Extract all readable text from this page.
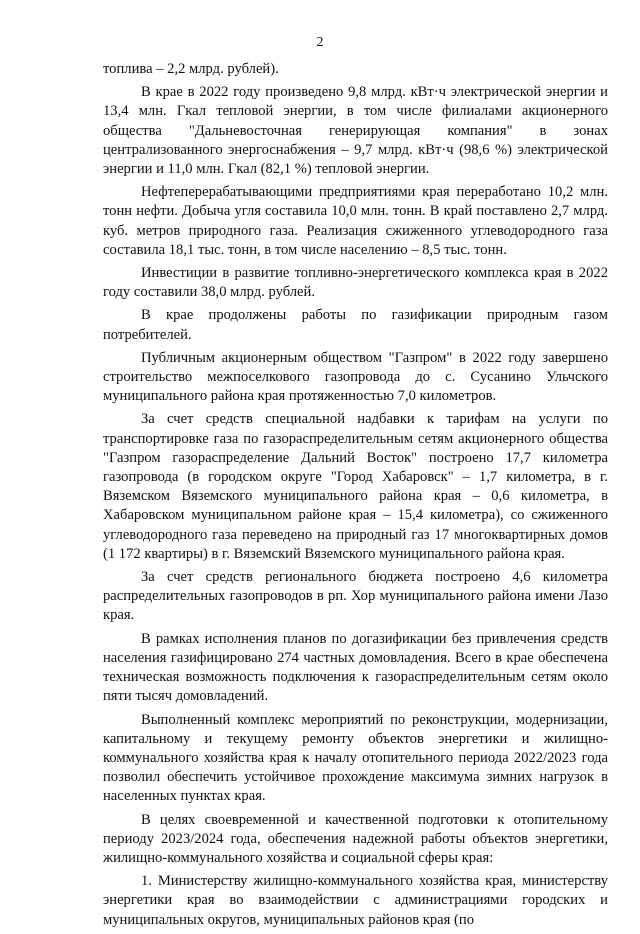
2

топлива – 2,2 млрд. рублей).

В крае в 2022 году произведено 9,8 млрд. кВт·ч электрической энергии и 13,4 млн. Гкал тепловой энергии, в том числе филиалами акционерного общества "Дальневосточная генерирующая компания" в зонах централизованного энергоснабжения – 9,7 млрд. кВт·ч (98,6 %) электрической энергии и 11,0 млн. Гкал (82,1 %) тепловой энергии.

Нефтеперерабатывающими предприятиями края переработано 10,2 млн. тонн нефти. Добыча угля составила 10,0 млн. тонн. В край поставлено 2,7 млрд. куб. метров природного газа. Реализация сжиженного углеводородного газа составила 18,1 тыс. тонн, в том числе населению – 8,5 тыс. тонн.

Инвестиции в развитие топливно-энергетического комплекса края в 2022 году составили 38,0 млрд. рублей.

В крае продолжены работы по газификации природным газом потребителей.

Публичным акционерным обществом "Газпром" в 2022 году завершено строительство межпоселкового газопровода до с. Сусанино Ульчского муниципального района края протяженностью 7,0 километров.

За счет средств специальной надбавки к тарифам на услуги по транспортировке газа по газораспределительным сетям акционерного общества "Газпром газораспределение Дальний Восток" построено 17,7 километра газопровода (в городском округе "Город Хабаровск" – 1,7 километра, в г. Вяземском Вяземского муниципального района края – 0,6 километра, в Хабаровском муниципальном районе края – 15,4 километра), со сжиженного углеводородного газа переведено на природный газ 17 многоквартирных домов (1 172 квартиры) в г. Вяземский Вяземского муниципального района края.

За счет средств регионального бюджета построено 4,6 километра распределительных газопроводов в рп. Хор муниципального района имени Лазо края.

В рамках исполнения планов по догазификации без привлечения средств населения газифицировано 274 частных домовладения. Всего в крае обеспечена техническая возможность подключения к газораспределительным сетям около пяти тысяч домовладений.

Выполненный комплекс мероприятий по реконструкции, модернизации, капитальному и текущему ремонту объектов энергетики и жилищно-коммунального хозяйства края к началу отопительного периода 2022/2023 года позволил обеспечить устойчивое прохождение максимума зимних нагрузок в населенных пунктах края.

В целях своевременной и качественной подготовки к отопительному периоду 2023/2024 года, обеспечения надежной работы объектов энергетики, жилищно-коммунального хозяйства и социальной сферы края:

1. Министерству жилищно-коммунального хозяйства края, министерству энергетики края во взаимодействии с администрациями городских и муниципальных округов, муниципальных районов края (по
